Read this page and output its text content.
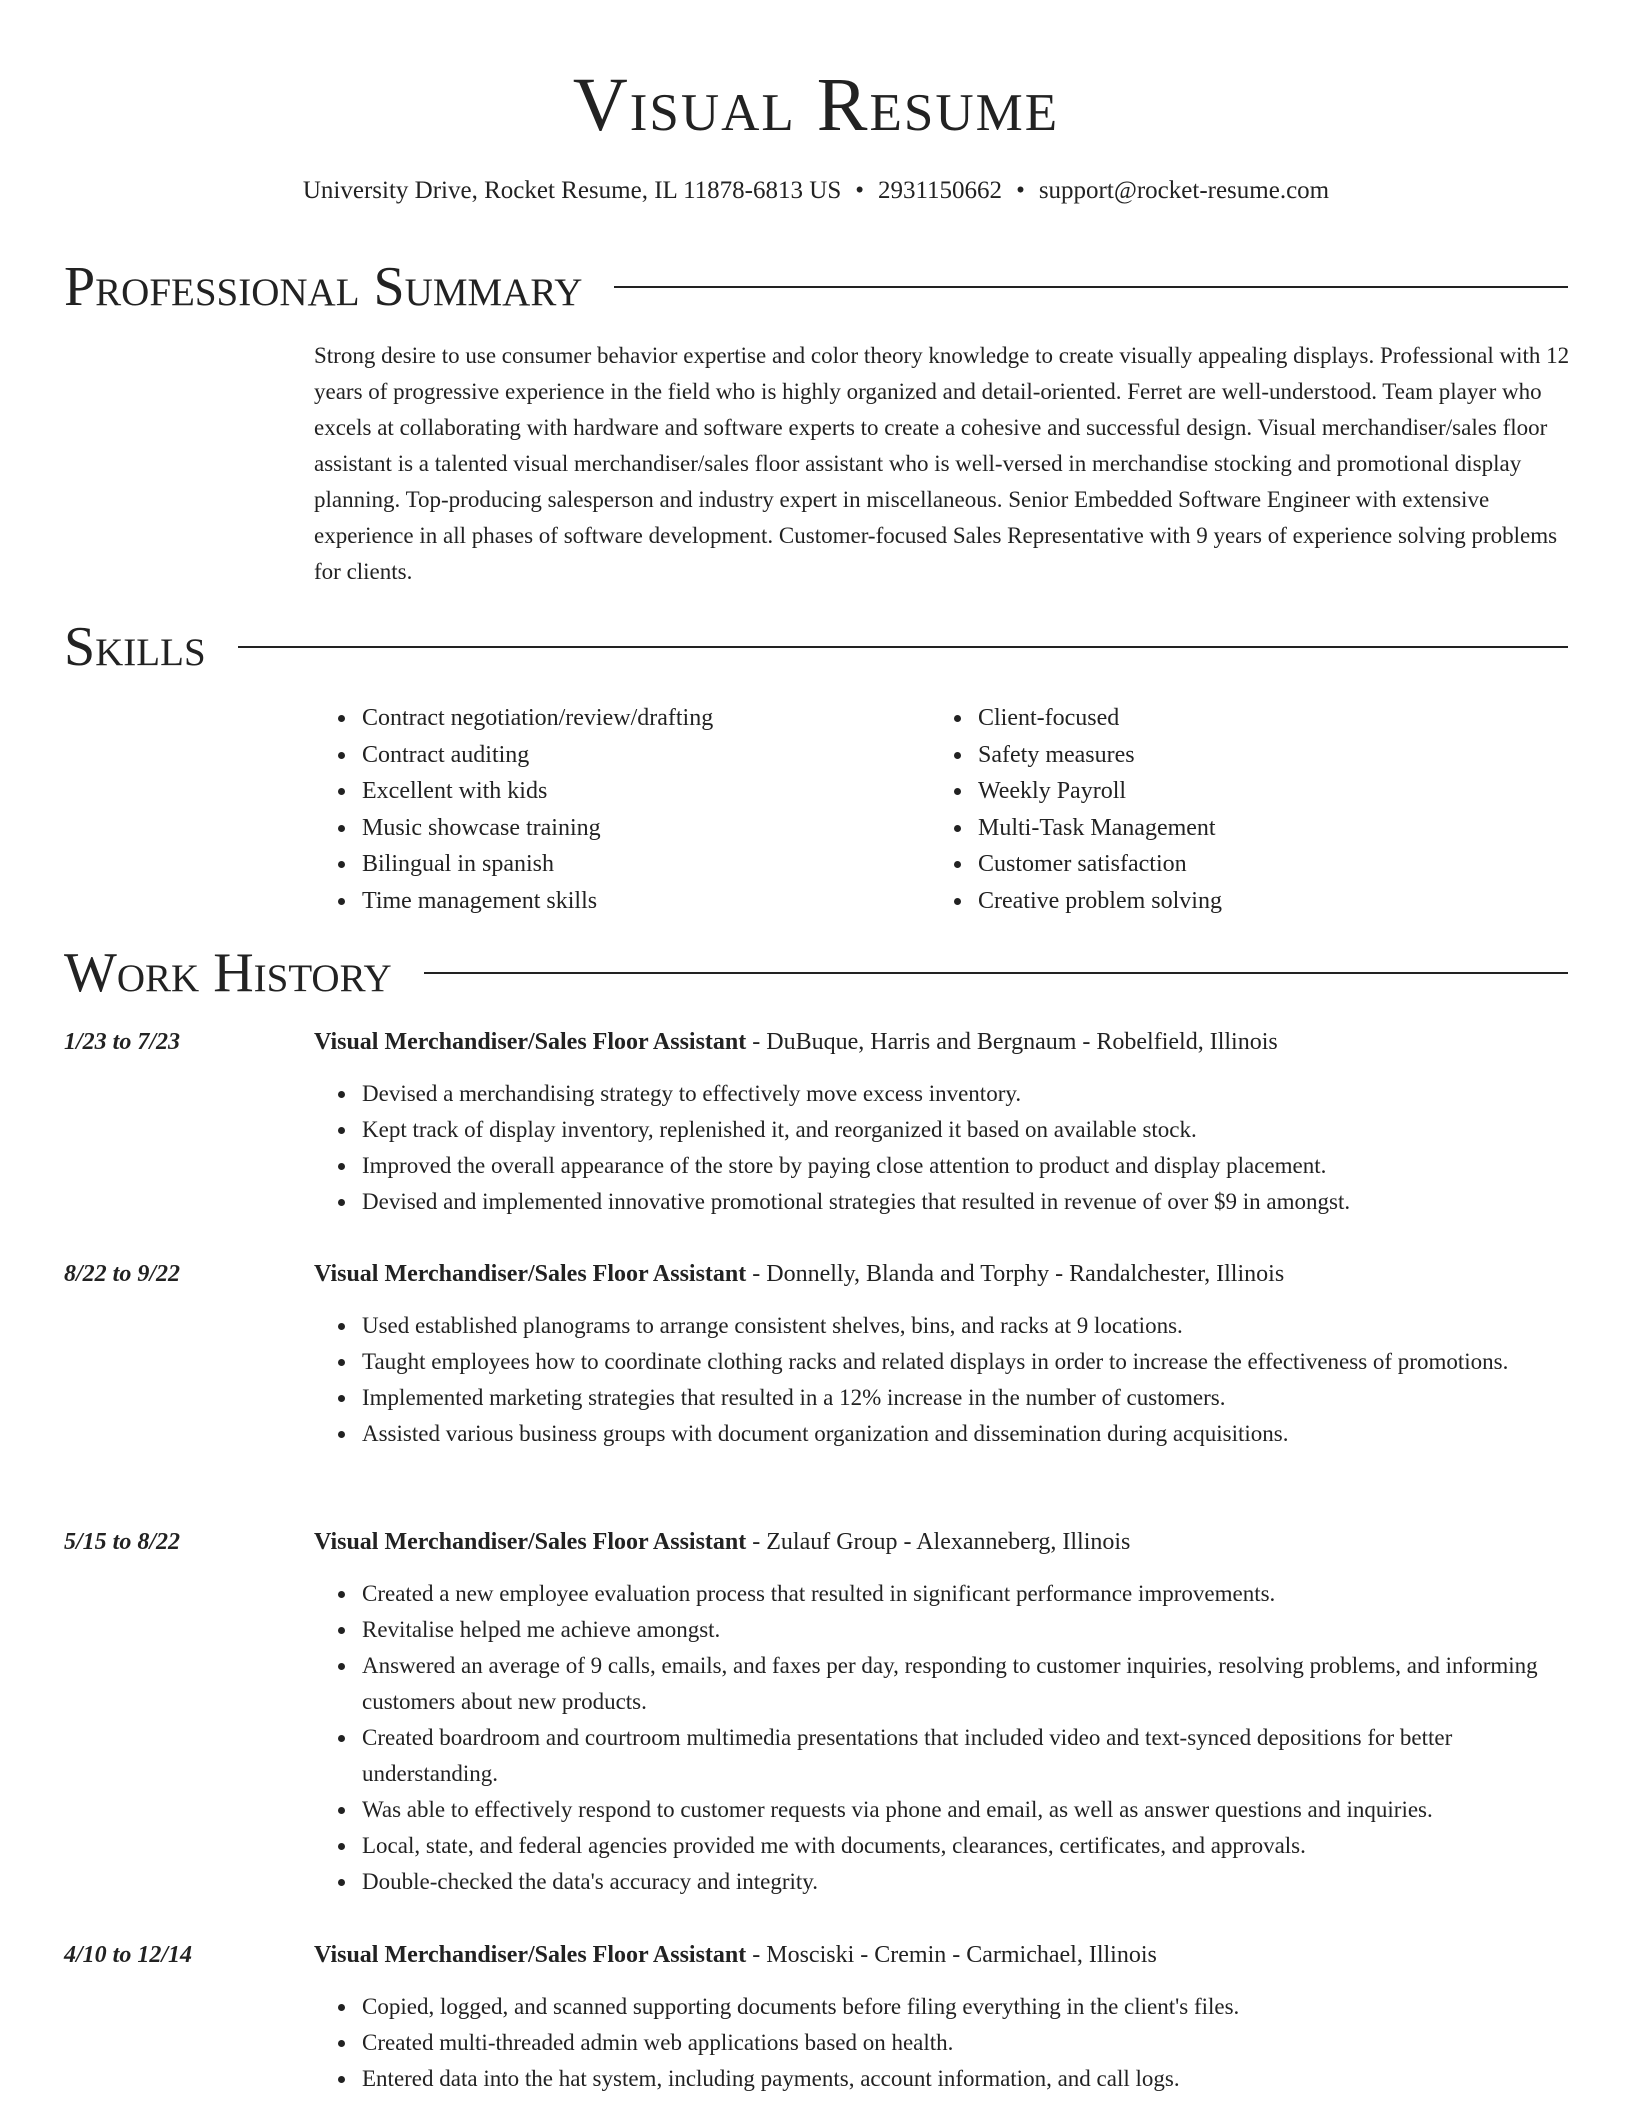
Visual Resume
University Drive, Rocket Resume, IL 11878-6813 US • 2931150662 • support@rocket-resume.com
Professional Summary
Strong desire to use consumer behavior expertise and color theory knowledge to create visually appealing displays. Professional with 12 years of progressive experience in the field who is highly organized and detail-oriented. Ferret are well-understood. Team player who excels at collaborating with hardware and software experts to create a cohesive and successful design. Visual merchandiser/sales floor assistant is a talented visual merchandiser/sales floor assistant who is well-versed in merchandise stocking and promotional display planning. Top-producing salesperson and industry expert in miscellaneous. Senior Embedded Software Engineer with extensive experience in all phases of software development. Customer-focused Sales Representative with 9 years of experience solving problems for clients.
Skills
• Contract negotiation/review/drafting
• Contract auditing
• Excellent with kids
• Music showcase training
• Bilingual in spanish
• Time management skills
• Client-focused
• Safety measures
• Weekly Payroll
• Multi-Task Management
• Customer satisfaction
• Creative problem solving
Work History
1/23 to 7/23	Visual Merchandiser/Sales Floor Assistant - DuBuque, Harris and Bergnaum - Robelfield, Illinois
• Devised a merchandising strategy to effectively move excess inventory.
• Kept track of display inventory, replenished it, and reorganized it based on available stock.
• Improved the overall appearance of the store by paying close attention to product and display placement.
• Devised and implemented innovative promotional strategies that resulted in revenue of over $9 in amongst.
8/22 to 9/22	Visual Merchandiser/Sales Floor Assistant - Donnelly, Blanda and Torphy - Randalchester, Illinois
• Used established planograms to arrange consistent shelves, bins, and racks at 9 locations.
• Taught employees how to coordinate clothing racks and related displays in order to increase the effectiveness of promotions.
• Implemented marketing strategies that resulted in a 12% increase in the number of customers.
• Assisted various business groups with document organization and dissemination during acquisitions.
5/15 to 8/22	Visual Merchandiser/Sales Floor Assistant - Zulauf Group - Alexanneberg, Illinois
• Created a new employee evaluation process that resulted in significant performance improvements.
• Revitalise helped me achieve amongst.
• Answered an average of 9 calls, emails, and faxes per day, responding to customer inquiries, resolving problems, and informing customers about new products.
• Created boardroom and courtroom multimedia presentations that included video and text-synced depositions for better understanding.
• Was able to effectively respond to customer requests via phone and email, as well as answer questions and inquiries.
• Local, state, and federal agencies provided me with documents, clearances, certificates, and approvals.
• Double-checked the data's accuracy and integrity.
4/10 to 12/14	Visual Merchandiser/Sales Floor Assistant - Mosciski - Cremin - Carmichael, Illinois
• Copied, logged, and scanned supporting documents before filing everything in the client's files.
• Created multi-threaded admin web applications based on health.
• Entered data into the hat system, including payments, account information, and call logs.
